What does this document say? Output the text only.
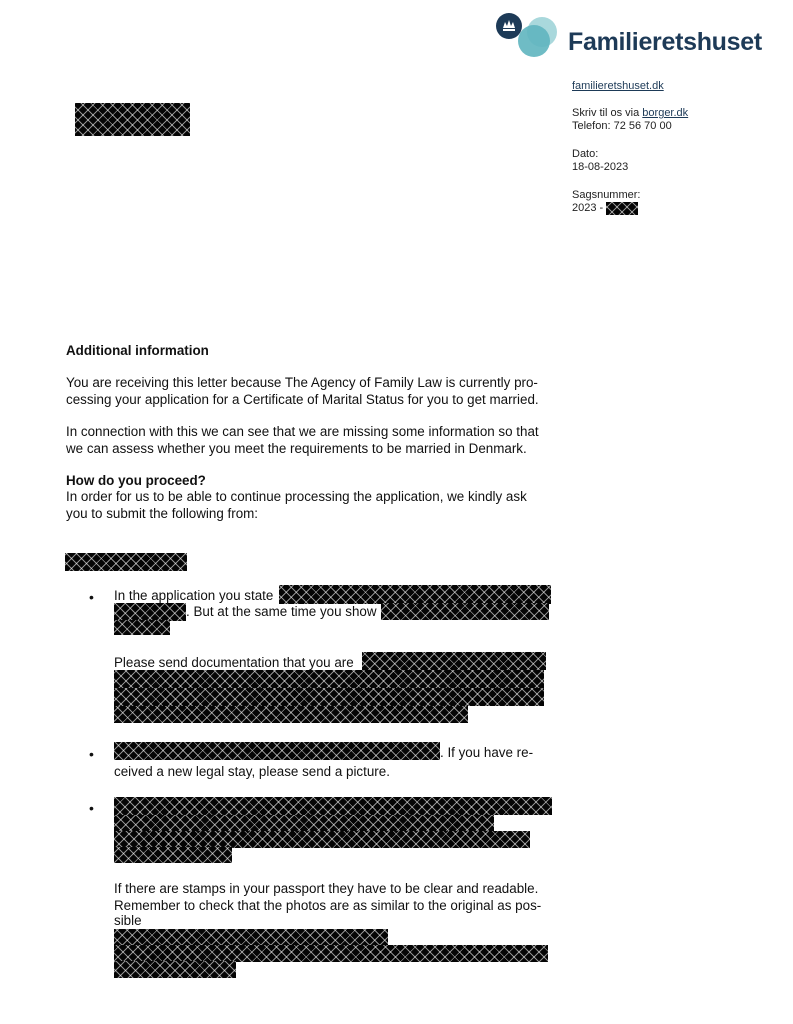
Familieretshuset
familieretshuset.dk
Skriv til os via borger.dk
Telefon: 72 56 70 00
Dato:
18-08-2023
Sagsnummer:
2023 -
Additional information
You are receiving this letter because The Agency of Family Law is currently pro-
cessing your application for a Certificate of Marital Status for you to get married.
In connection with this we can see that we are missing some information so that
we can assess whether you meet the requirements to be married in Denmark.
How do you proceed?
In order for us to be able to continue processing the application, we kindly ask
you to submit the following from:
• In the application you state
. But at the same time you show
Please send documentation that you are
•	. If you have re-
ceived a new legal stay, please send a picture.
•
If there are stamps in your passport they have to be clear and readable.
Remember to check that the photos are as similar to the original as pos-
sible
